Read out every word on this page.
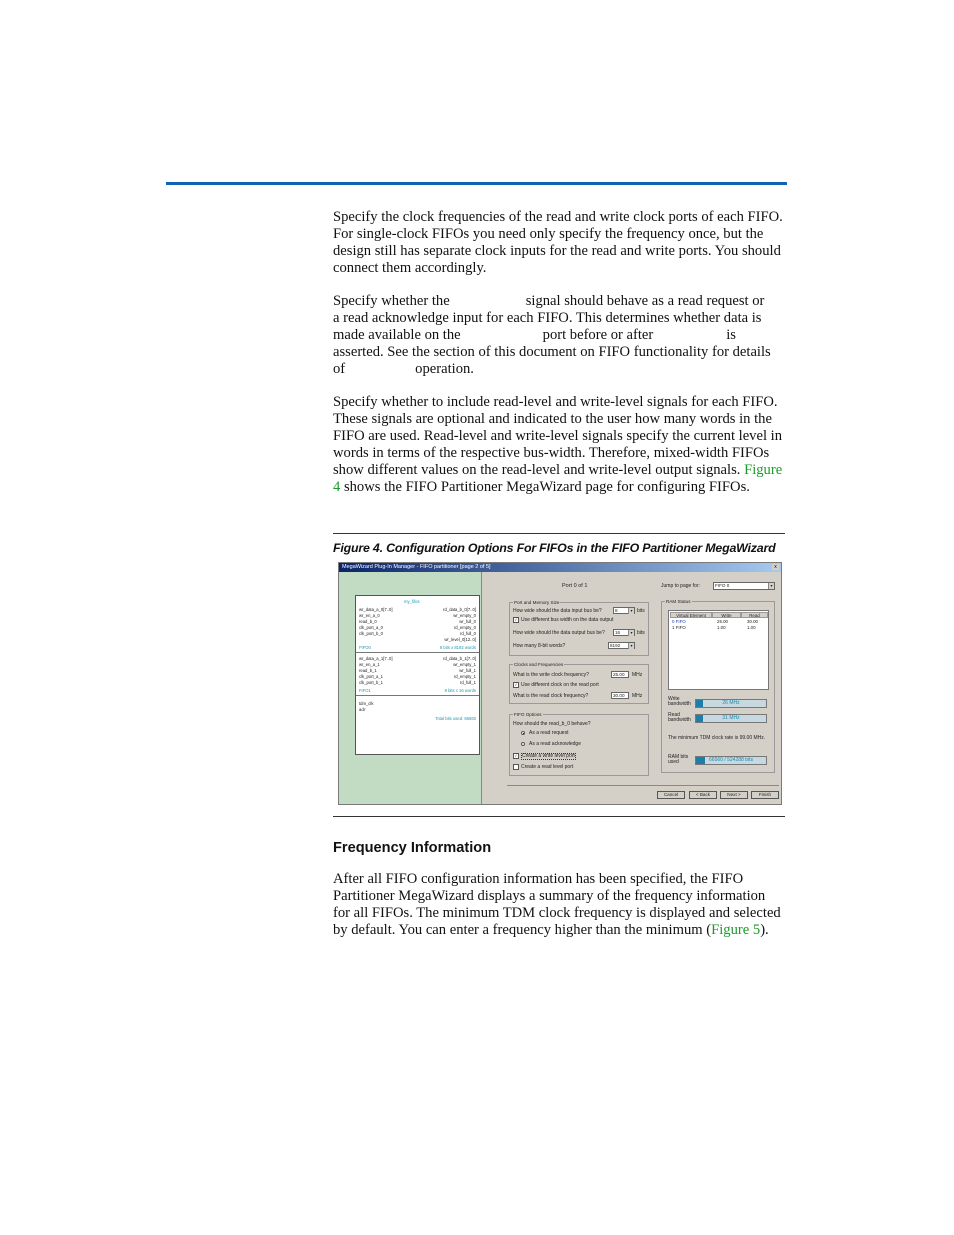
Specify the clock frequencies of the read and write clock ports of each FIFO. For single-clock FIFOs you need only specify the frequency once, but the design still has separate clock inputs for the read and write ports. You should connect them accordingly.

Specify whether the	signal should behave as a read request or
a read acknowledge input for each FIFO. This determines whether data is
made available on the	port before or after	is
asserted. See the section of this document on FIFO functionality for details
of	operation.

Specify whether to include read-level and write-level signals for each FIFO. These signals are optional and indicated to the user how many words in the FIFO are used. Read-level and write-level signals specify the current level in words in terms of the respective bus-width. Therefore, mixed-width FIFOs show different values on the read-level and write-level output signals. Figure 4 shows the FIFO Partitioner MegaWizard page for configuring FIFOs.

Figure 4. Configuration Options For FIFOs in the FIFO Partitioner MegaWizard
MegaWizard Plug-In Manager - FIFO partitioner [page 2 of 5]	x
my_fifos
wr_data_a_0[7..0]
wr_en_a_0
read_b_0
clk_port_a_0
clk_port_b_0
rd_data_b_0[7..0]
wr_empty_0
wr_full_0
rd_empty_0
rd_full_0
wr_level_0[12..0]
FIFO0	8 bits x 8192 words
wr_data_a_1[7..0]
wr_en_a_1
read_b_1
clk_port_a_1
clk_port_b_1
rd_data_b_1[7..0]
wr_empty_1
wr_full_1
rd_empty_1
rd_full_1
FIFO1	8 bits x 16 words
tdm_clk
aclr
Total bits used: 66560
Port 0 of 1	Jump to page for:	FIFO 0	▾
Port and Memory Size
How wide should the data input bus be?	8	▾ bits
✓ Use different bus width on the data output
How wide should the data output bus be?	16	▾ bits
How many 8-bit words?	8192	▾
Clocks and Frequencies
What is the write clock frequency?	25.00	MHz
✓ Use different clock on the read port
What is the read clock frequency?	30.00	MHz
FIFO Options
How should the read_b_0 behave?
As a read request
As a read acknowledge
✓ Create a write level port
Create a read level port
RAM Status
Virtual Element	Write	Read
0 FIFO	25.00	30.00
1 FIFO	1.00	1.00
Write bandwidth	26 MHz
Read bandwidth	31 MHz
The minimum TDM clock rate is 99.00 MHz.
RAM bits used	66560 / 524288 bits
Cancel	< Back	Next >	Finish
Frequency Information

After all FIFO configuration information has been specified, the FIFO Partitioner MegaWizard displays a summary of the frequency information for all FIFOs. The minimum TDM clock frequency is displayed and selected by default. You can enter a frequency higher than the minimum (Figure 5).
